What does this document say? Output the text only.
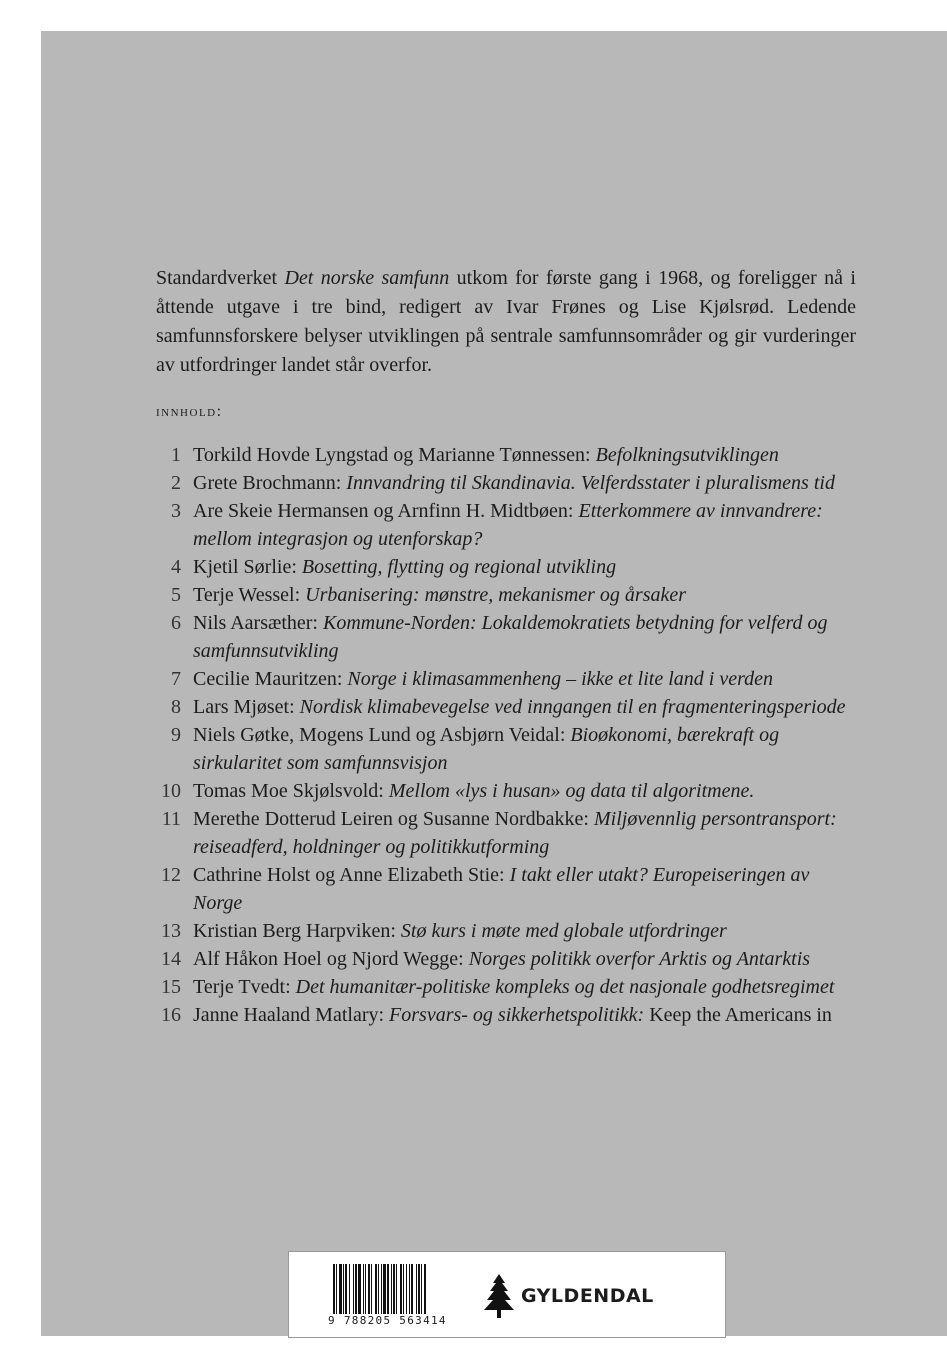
Standardverket Det norske samfunn utkom for første gang i 1968, og foreligger nå i åttende utgave i tre bind, redigert av Ivar Frønes og Lise Kjølsrød. Ledende samfunnsforskere belyser utviklingen på sentrale samfunnsområder og gir vurderinger av utfordringer landet står overfor.

innhold:
1 Torkild Hovde Lyngstad og Marianne Tønnessen: Befolkningsutviklingen
2 Grete Brochmann: Innvandring til Skandinavia. Velferdsstater i pluralismens tid
3 Are Skeie Hermansen og Arnfinn H. Midtbøen: Etterkommere av innvandrere: mellom integrasjon og utenforskap?
4 Kjetil Sørlie: Bosetting, flytting og regional utvikling
5 Terje Wessel: Urbanisering: mønstre, mekanismer og årsaker
6 Nils Aarsæther: Kommune-Norden: Lokaldemokratiets betydning for velferd og samfunnsutvikling
7 Cecilie Mauritzen: Norge i klimasammenheng – ikke et lite land i verden
8 Lars Mjøset: Nordisk klimabevegelse ved inngangen til en fragmenteringsperiode
9 Niels Gøtke, Mogens Lund og Asbjørn Veidal: Bioøkonomi, bærekraft og sirkularitet som samfunnsvisjon
10 Tomas Moe Skjølsvold: Mellom «lys i husan» og data til algoritmene.
11 Merethe Dotterud Leiren og Susanne Nordbakke: Miljøvennlig persontransport: reiseadferd, holdninger og politikkutforming
12 Cathrine Holst og Anne Elizabeth Stie: I takt eller utakt? Europeiseringen av Norge
13 Kristian Berg Harpviken: Stø kurs i møte med globale utfordringer
14 Alf Håkon Hoel og Njord Wegge: Norges politikk overfor Arktis og Antarktis
15 Terje Tvedt: Det humanitær-politiske kompleks og det nasjonale godhetsregimet
16 Janne Haaland Matlary: Forsvars- og sikkerhetspolitikk: Keep the Americans in
9 788205 563414
GYLDENDAL
